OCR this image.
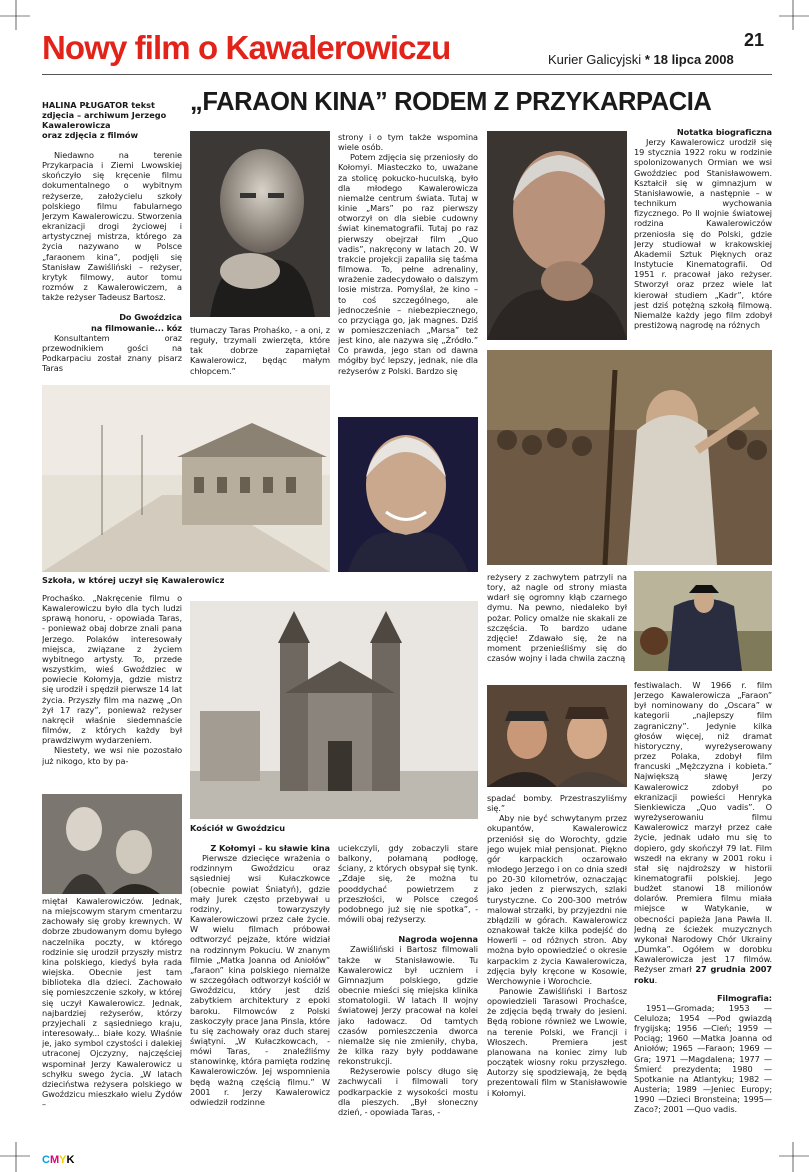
Nowy film o Kawalerowiczu	21
Kurier Galicyjski * 18 lipca 2008
HALINA PŁUGATOR tekst
zdjęcia – archiwum Jerzego
Kawalerowicza
oraz zdjęcia z filmów
„FARAON KINA” RODEM Z PRZYKARPACIA

Niedawno na terenie Przykarpacia i Ziemi Lwowskiej skończyło się kręcenie filmu dokumentalnego o wybitnym reżyserze, założycielu szkoły polskiego filmu fabularnego Jerzym Kawalerowiczu. Stworzenia ekranizacji drogi życiowej i artystycznej mistrza, którego za życia nazywano w Polsce „faraonem kina”, podjęli się Stanisław Zawiśliński – reżyser, krytyk filmowy, autor tomu rozmów z Kawalerowiczem, a także reżyser Tadeusz Bartosz.

Do Gwoździca
na filmowanie... kóz

Konsultantem oraz przewodnikiem gości na Podkarpaciu został znany pisarz Taras

tłumaczy Taras Prohaśko, - a oni, z reguły, trzymali zwierzęta, które tak dobrze zapamiętał Kawalerowicz, będąc małym chłopcem.”

strony i o tym także wspomina wiele osób.

Potem zdjęcia się przeniosły do Kołomyi. Miasteczko to, uważane za stolicę pokucko-huculską, było dla młodego Kawalerowicza niemalże centrum świata. Tutaj w kinie „Mars” po raz pierwszy otworzył on dla siebie cudowny świat kinematografii. Tutaj po raz pierwszy obejrzał film „Quo vadis”, nakręcony w latach 20. W trakcie projekcji zapaliła się taśma filmowa. To, pełne adrenaliny, wrażenie zadecydowało o dalszym losie mistrza. Pomyślał, że kino – to coś szczególnego, ale jednocześnie – niebezpiecznego, co przyciąga go, jak magnes. Dziś w pomieszczeniach „Marsa” też jest kino, ale nazywa się „Źródło.” Co prawda, jego stan od dawna mógłby być lepszy, jednak, nie dla reżyserów z Polski. Bardzo się

Notatka biograficzna

Jerzy Kawalerowicz urodził się 19 stycznia 1922 roku w rodzinie spolonizowanych Ormian we wsi Gwoździec pod Stanisławowem. Kształcił się w gimnazjum w Stanisławowie, a następnie – w technikum wychowania fizycznego. Po II wojnie światowej rodzina Kawalerowiczów przeniosła się do Polski, gdzie Jerzy studiował w krakowskiej Akademii Sztuk Pięknych oraz Instytucie Kinematografii. Od 1951 r. pracował jako reżyser. Stworzył oraz przez wiele lat kierował studiem „Kadr”, które jest dziś potężną szkołą filmową. Niemalże każdy jego film zdobył prestiżową nagrodę na różnych

Szkoła, w której uczył się Kawalerowicz

Prochaśko. „Nakręcenie filmu o Kawalerowiczu było dla tych ludzi sprawą honoru, - opowiada Taras, - ponieważ obaj dobrze znali pana Jerzego. Polaków interesowały miejsca, związane z życiem wybitnego artysty. To, przede wszystkim, wieś Gwoździec w powiecie Kołomyja, gdzie mistrz się urodził i spędził pierwsze 14 lat życia. Przyszły film ma nazwę „On żył 17 razy”, ponieważ reżyser nakręcił właśnie siedemnaście filmów, z których każdy był prawdziwym wydarzeniem.

Niestety, we wsi nie pozostało już nikogo, kto by pa-

miętał Kawalerowiczów. Jednak, na miejscowym starym cmentarzu zachowały się groby krewnych. W dobrze zbudowanym domu byłego naczelnika poczty, w którego rodzinie się urodził przyszły mistrz kina polskiego, kiedyś była rada wiejska. Obecnie jest tam biblioteka dla dzieci. Zachowało się pomieszczenie szkoły, w której się uczył Kawalerowicz. Jednak, najbardziej reżyserów, którzy przyjechali z sąsiedniego kraju, interesowały... białe kozy. Właśnie je, jako symbol czystości i dalekiej utraconej Ojczyzny, najczęściej wspominał Jerzy Kawalerowicz u schyłku swego życia. „W latach dzieciństwa reżysera polskiego w Gwoździcu mieszkało wielu Żydów –

Kościół w Gwoździcu
Z Kołomyi – ku sławie kina

Pierwsze dziecięce wrażenia o rodzinnym Gwoździcu oraz sąsiedniej wsi Kułaczkowce (obecnie powiat Śniatyń), gdzie mały Jurek często przebywał u rodziny, towarzyszyły Kawalerowiczowi przez całe życie. W wielu filmach próbował odtworzyć pejzaże, które widział na rodzinnym Pokuciu. W znanym filmie „Matka Joanna od Aniołów” „faraon” kina polskiego niemalże w szczegółach odtworzył kościół w Gwoździcu, który jest dziś zabytkiem architektury z epoki baroku. Filmowców z Polski zaskoczyły prace Jana Pinsla, które tu się zachowały oraz duch starej świątyni. „W Kułaczkowcach, - mówi Taras, - znaleźliśmy stanowinkę, która pamięta rodzinę Kawalerowiczów. Jej wspomnienia będą ważną częścią filmu.” W 2001 r. Jerzy Kawalerowicz odwiedził rodzinne

uciekczyli, gdy zobaczyli stare balkony, połamaną podłogę, ściany, z których obsypał się tynk. „Zdaje się, że można tu pooddychać powietrzem z przeszłości, w Polsce czegoś podobnego już się nie spotka”, - mówili obaj reżyserzy.

Nagroda wojenna

Zawiśliński i Bartosz filmowali także w Stanisławowie. Tu Kawalerowicz był uczniem i Gimnazjum polskiego, gdzie obecnie mieści się miejska klinika stomatologii. W latach II wojny światowej Jerzy pracował na kolei jako ładowacz. Od tamtych czasów pomieszczenia dworca niemalże się nie zmieniły, chyba, że kilka razy były poddawane rekonstrukcji.

Reżyserowie polscy długo się zachwycali i filmowali tory podkarpackie z wysokości mostu dla pieszych. „Był słoneczny dzień, - opowiada Taras, -

reżysery z zachwytem patrzyli na tory, aż nagle od strony miasta wdarł się ogromny kłąb czarnego dymu. Na pewno, niedaleko był pożar. Policy omalże nie skakali ze szczęścia. To bardzo udane zdjęcie! Zdawało się, że na moment przenieśliśmy się do czasów wojny i lada chwila zaczną

spadać bomby. Przestraszyliśmy się.”

Aby nie być schwytanym przez okupantów, Kawalerowicz przeniósł się do Worochty, gdzie jego wujek miał pensjonat. Piękno gór karpackich oczarowało młodego Jerzego i on co dnia szedł po 20-30 kilometrów, oznaczając jako jeden z pierwszych, szlaki turystyczne. Co 200-300 metrów malował strzałki, by przyjezdni nie zbłądzili w górach. Kawalerowicz oznakował także kilka podejść do Howerli – od różnych stron. Aby można było opowiedzieć o okresie karpackim z życia Kawalerowicza, zdjęcia były kręcone w Kosowie, Werchowynie i Worochcie.

Panowie Zawiśliński i Bartosz opowiedzieli Tarasowi Prochaśce, że zdjęcia będą trwały do jesieni. Będą robione również we Lwowie, na terenie Polski, we Francji i Włoszech. Premiera jest planowana na koniec zimy lub początek wiosny roku przyszłego. Autorzy się spodziewają, że będą prezentowali film w Stanisławowie i Kołomyi.

festiwalach. W 1966 r. film Jerzego Kawalerowicza „Faraon” był nominowany do „Oscara” w kategorii „najlepszy film zagraniczny”. Jedynie kilka głosów więcej, niż dramat historyczny, wyreżyserowany przez Polaka, zdobył film francuski „Mężczyzna i kobieta.” Największą sławę Jerzy Kawalerowicz zdobył po ekranizacji powieści Henryka Sienkiewicza „Quo vadis”. O wyreżyserowaniu filmu Kawalerowicz marzył przez całe życie, jednak udało mu się to dopiero, gdy skończył 79 lat. Film wszedł na ekrany w 2001 roku i stał się najdroższy w historii kinematografii polskiej. Jego budżet stanowi 18 milionów dolarów. Premiera filmu miała miejsce w Watykanie, w obecności papieża Jana Pawła II. Jedną ze ścieżek muzycznych wykonał Narodowy Chór Ukrainy „Dumka”. Ogółem w dorobku Kawalerowicza jest 17 filmów. Reżyser zmarł 27 grudnia 2007 roku.

Filmografia:

1951—Gromada; 1953 — Celuloza; 1954 —Pod gwiazdą frygijską; 1956 —Cień; 1959 — Pociąg; 1960 —Matka Joanna od Aniołów; 1965 —Faraon; 1969 —Gra; 1971 —Magdalena; 1977 —Śmierć prezydenta; 1980 —Spotkanie na Atlantyku; 1982 —Austeria; 1989 —Jeniec Europy; 1990 —Dzieci Bronsteina; 1995—Zaco?; 2001 —Quo vadis.

CMYK
